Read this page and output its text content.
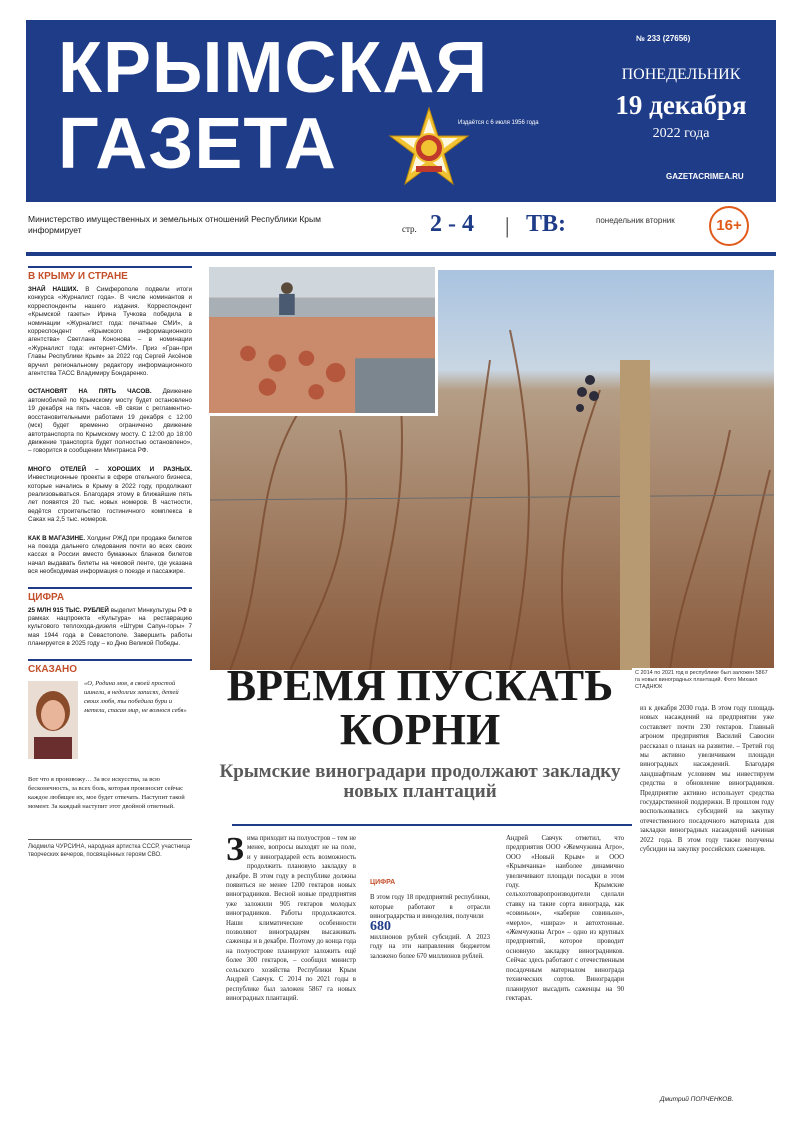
КРЫМСКАЯ
ГАЗЕТА	Издаётся с 6 июля 1956 года
№ 233 (27656)
ПОНЕДЕЛЬНИК
19 декабря
2022 года
GAZETACRIMEA.RU
Министерство имущественных и земельных отношений Республики Крым информирует	стр. 2 - 4 | ТВ:	понедельник вторник	16+
В КРЫМУ И СТРАНЕ
ЗНАЙ НАШИХ. В Симферополе подвели итоги конкурса «Журналист года». В числе номинантов и корреспонденты нашего издания. Корреспондент «Крымской газеты» Ирина Тучкова победила в номинации «Журналист года: печатные СМИ», а корреспондент «Крымского информационного агентства» Светлана Кононова – в номинации «Журналист года: интернет-СМИ». Приз «Гран-при Главы Республики Крым» за 2022 год Сергей Аксёнов вручил региональному редактору информационного агентства ТАСС Владимиру Бондаренко.
ОСТАНОВЯТ НА ПЯТЬ ЧАСОВ. Движение автомобилей по Крымскому мосту будет остановлено 19 декабря на пять часов. «В связи с регламентно-восстановительными работами 19 декабря с 12:00 (мск) будет временно ограничено движение автотранспорта по Крымскому мосту. С 12:00 до 18:00 движение транспорта будет полностью остановлено», – говорится в сообщении Минтранса РФ.
МНОГО ОТЕЛЕЙ – ХОРОШИХ И РАЗНЫХ. Инвестиционные проекты в сфере отельного бизнеса, которые начались в Крыму в 2022 году, продолжают реализовываться. Благодаря этому в ближайшие пять лет появятся 20 тыс. новых номеров. В частности, ведётся строительство гостиничного комплекса в Саках на 2,5 тыс. номеров.
КАК В МАГАЗИНЕ. Холдинг РЖД при продаже билетов на поезда дальнего следования почти во всех своих кассах в России вместо бумажных бланков билетов начал выдавать билеты на чековой ленте, где указана вся необходимая информация о поезде и пассажире.
ЦИФРА
25 МЛН 915 ТЫС. РУБЛЕЙ выделит Минкультуры РФ в рамках нацпроекта «Культура» на реставрацию культового теплохода-дизеля «Штурм Сапун-горы» 7 мая 1944 года в Севастополе. Завершить работы планируется в 2025 году – ко Дню Великой Победы.
СКАЗАНО
«О, Родина моя, в своей простой шинели, в недолгих записях, детей своих любя, ты победила бури и метели, спасая мир, не вознося себя»
Вот что я произвожу… За все искусства, за всю бесконечность, за всех боль, которая произносит сейчас каждое любящее их, мое будет отвечать. Наступит такой момент. За каждый наступит этот двойной ответный.
Людмила ЧУРСИНА, народная артистка СССР, участница творческих вечеров, посвящённых героям СВО.
С 2014 по 2021 год в республике был заложен 5867 га новых виноградных плантаций. Фото Михаил СТАДНЮК
ВРЕМЯ ПУСКАТЬ КОРНИ
Крымские виноградари продолжают закладку новых плантаций
З има приходит на полуостров – тем не менее, вопросы выходят не на поле, и у виноградарей есть возможность продолжить плановую закладку в декабре. В этом году в республике должны появиться не менее 1200 гектаров новых виноградников. Весной новые предприятия уже заложили 905 гектаров молодых виноградников. Работы продолжаются. Наши климатические особенности позволяют виноградарям высаживать саженцы и в декабре. Поэтому до конца года на полуострове планируют заложить ещё более 300 гектаров, – сообщил министр сельского хозяйства Республики Крым Андрей Савчук. С 2014 по 2021 годы в республике был заложен 5867 га новых виноградных плантаций.
ЦИФРА
В этом году 18 предприятий республики, которые работают в отрасли виноградарства и виноделия, получили
680
миллионов рублей субсидий. А 2023 году на эти направления бюджетом заложено более 670 миллионов рублей.
Андрей Савчук отметил, что предприятия ООО «Жемчужина Агро», ООО «Новый Крым» и ООО «Крымчанка» наиболее динамично увеличивают площади посадки в этом году. Крымские сельхозтоваропроизводители сделали ставку на такие сорта винограда, как «совиньон», «каберне совиньон», «мерло», «шираз» и автохтонные. «Жемчужина Агро» – одно из крупных предприятий, которое проводит основную закладку виноградников. Сейчас здесь работают с отечественным посадочным материалом винограда технических сортов. Виноградари планируют высадить саженцы на 90 гектарах.
из к декабря 2030 года. В этом году площадь новых насаждений на предприятии уже составляет почти 230 гектаров. Главный агроном предприятия Василий Савосин рассказал о планах на развитие. – Третий год мы активно увеличиваем площади виноградных насаждений. Благодаря ландшафтным условиям мы инвестируем средства в обновление виноградников. Предприятие активно использует средства государственной поддержки. В прошлом году воспользовались субсидией на закупку отечественного посадочного материала для закладки виноградных насаждений начиная 2022 года. В этом году также получены субсидии на закупку российских саженцев.
Дмитрий ПОПЧЕНКОВ.
